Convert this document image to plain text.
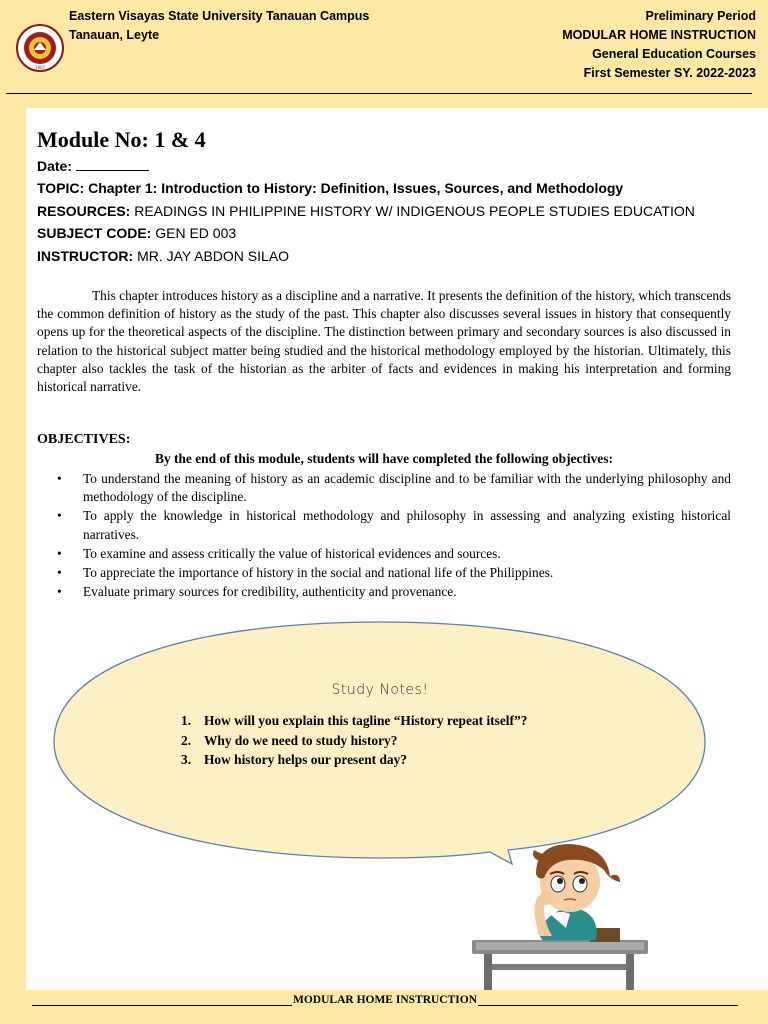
1907
Eastern Visayas State University Tanauan Campus
Tanauan, Leyte
Preliminary Period
MODULAR HOME INSTRUCTION
General Education Courses
First Semester SY. 2022-2023
Module No: 1 & 4
Date:
TOPIC: Chapter 1: Introduction to History: Definition, Issues, Sources, and Methodology
RESOURCES: READINGS IN PHILIPPINE HISTORY W/ INDIGENOUS PEOPLE STUDIES EDUCATION
SUBJECT CODE: GEN ED 003
INSTRUCTOR: MR. JAY ABDON SILAO
This chapter introduces history as a discipline and a narrative. It presents the definition of the history, which transcends the common definition of history as the study of the past. This chapter also discusses several issues in history that consequently opens up for the theoretical aspects of the discipline. The distinction between primary and secondary sources is also discussed in relation to the historical subject matter being studied and the historical methodology employed by the historian. Ultimately, this chapter also tackles the task of the historian as the arbiter of facts and evidences in making his interpretation and forming historical narrative.
OBJECTIVES:
By the end of this module, students will have completed the following objectives:
• To understand the meaning of history as an academic discipline and to be familiar with the underlying philosophy and methodology of the discipline.
• To apply the knowledge in historical methodology and philosophy in assessing and analyzing existing historical narratives.
• To examine and assess critically the value of historical evidences and sources.
• To appreciate the importance of history in the social and national life of the Philippines.
• Evaluate primary sources for credibility, authenticity and provenance.
Study Notes!
1. How will you explain this tagline “History repeat itself”?
2. Why do we need to study history?
3. How history helps our present day?
MODULAR HOME INSTRUCTION
